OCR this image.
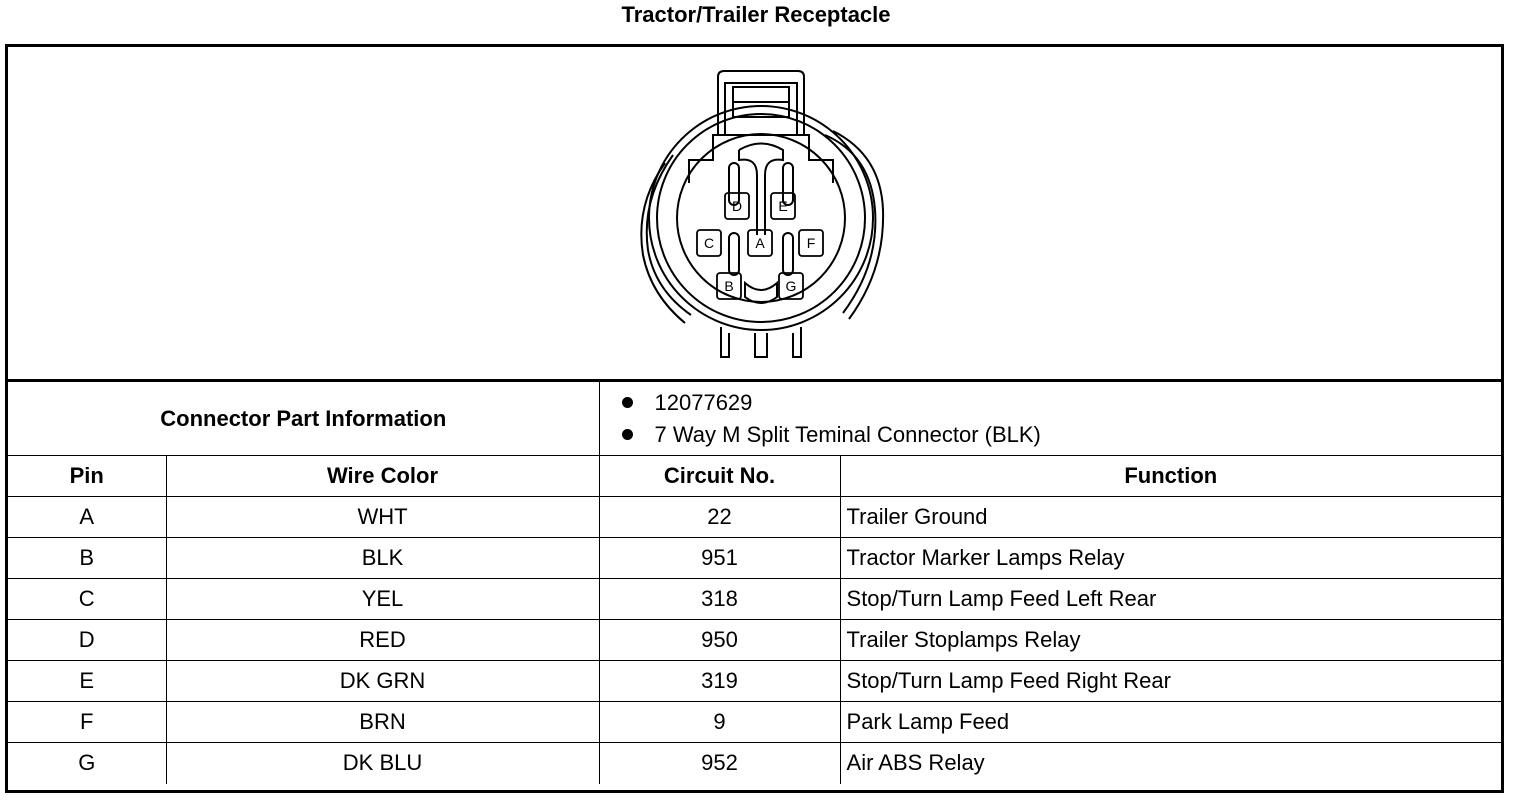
Tractor/Trailer Receptacle
D	E
C	A	F
B	G
Connector Part Information		12077629
7 Way M Split Teminal Connector (BLK)	

Pin	Wire Color	Circuit No.	Function
A	WHT	22	Trailer Ground
B	BLK	951	Tractor Marker Lamps Relay
C	YEL	318	Stop/Turn Lamp Feed Left Rear
D	RED	950	Trailer Stoplamps Relay
E	DK GRN	319	Stop/Turn Lamp Feed Right Rear
F	BRN	9	Park Lamp Feed
G	DK BLU	952	Air ABS Relay
